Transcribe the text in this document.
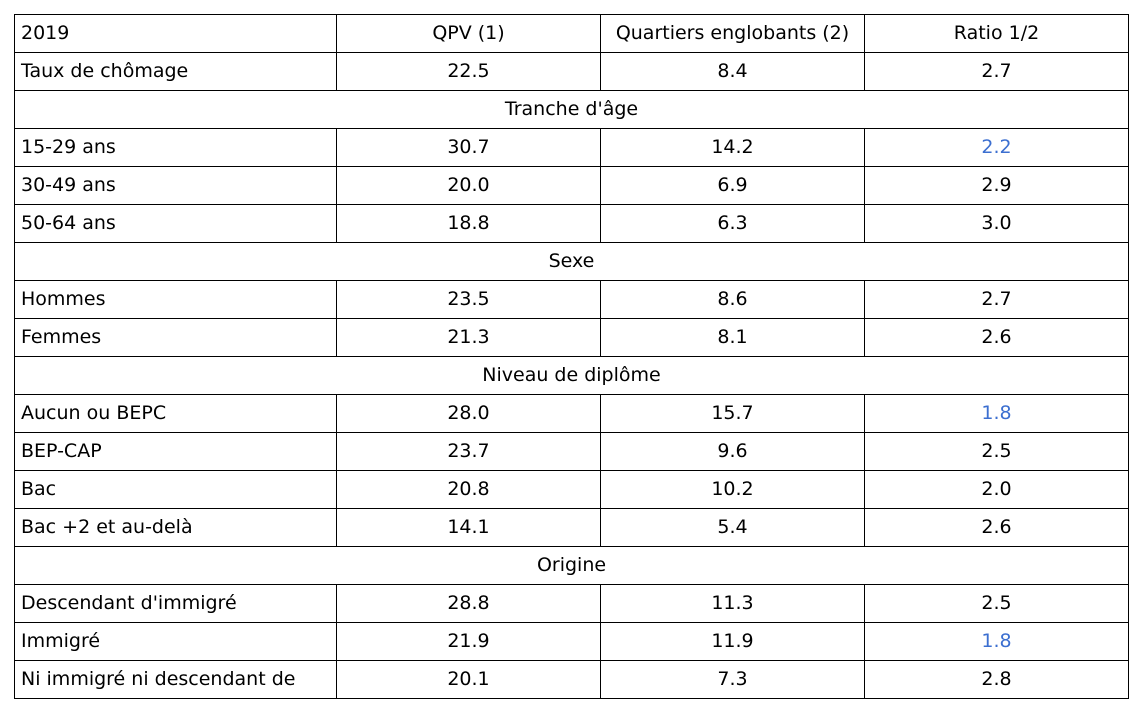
2019	QPV (1)	Quartiers englobants (2)	Ratio 1/2
Taux de chômage	22.5	8.4	2.7
Tranche d'âge			
15-29 ans	30.7	14.2	2.2
30-49 ans	20.0	6.9	2.9
50-64 ans	18.8	6.3	3.0
Sexe			
Hommes	23.5	8.6	2.7
Femmes	21.3	8.1	2.6
Niveau de diplôme			
Aucun ou BEPC	28.0	15.7	1.8
BEP-CAP	23.7	9.6	2.5
Bac	20.8	10.2	2.0
Bac +2 et au-delà	14.1	5.4	2.6
Origine			
Descendant d'immigré	28.8	11.3	2.5
Immigré	21.9	11.9	1.8
Ni immigré ni descendant de	20.1	7.3	2.8
